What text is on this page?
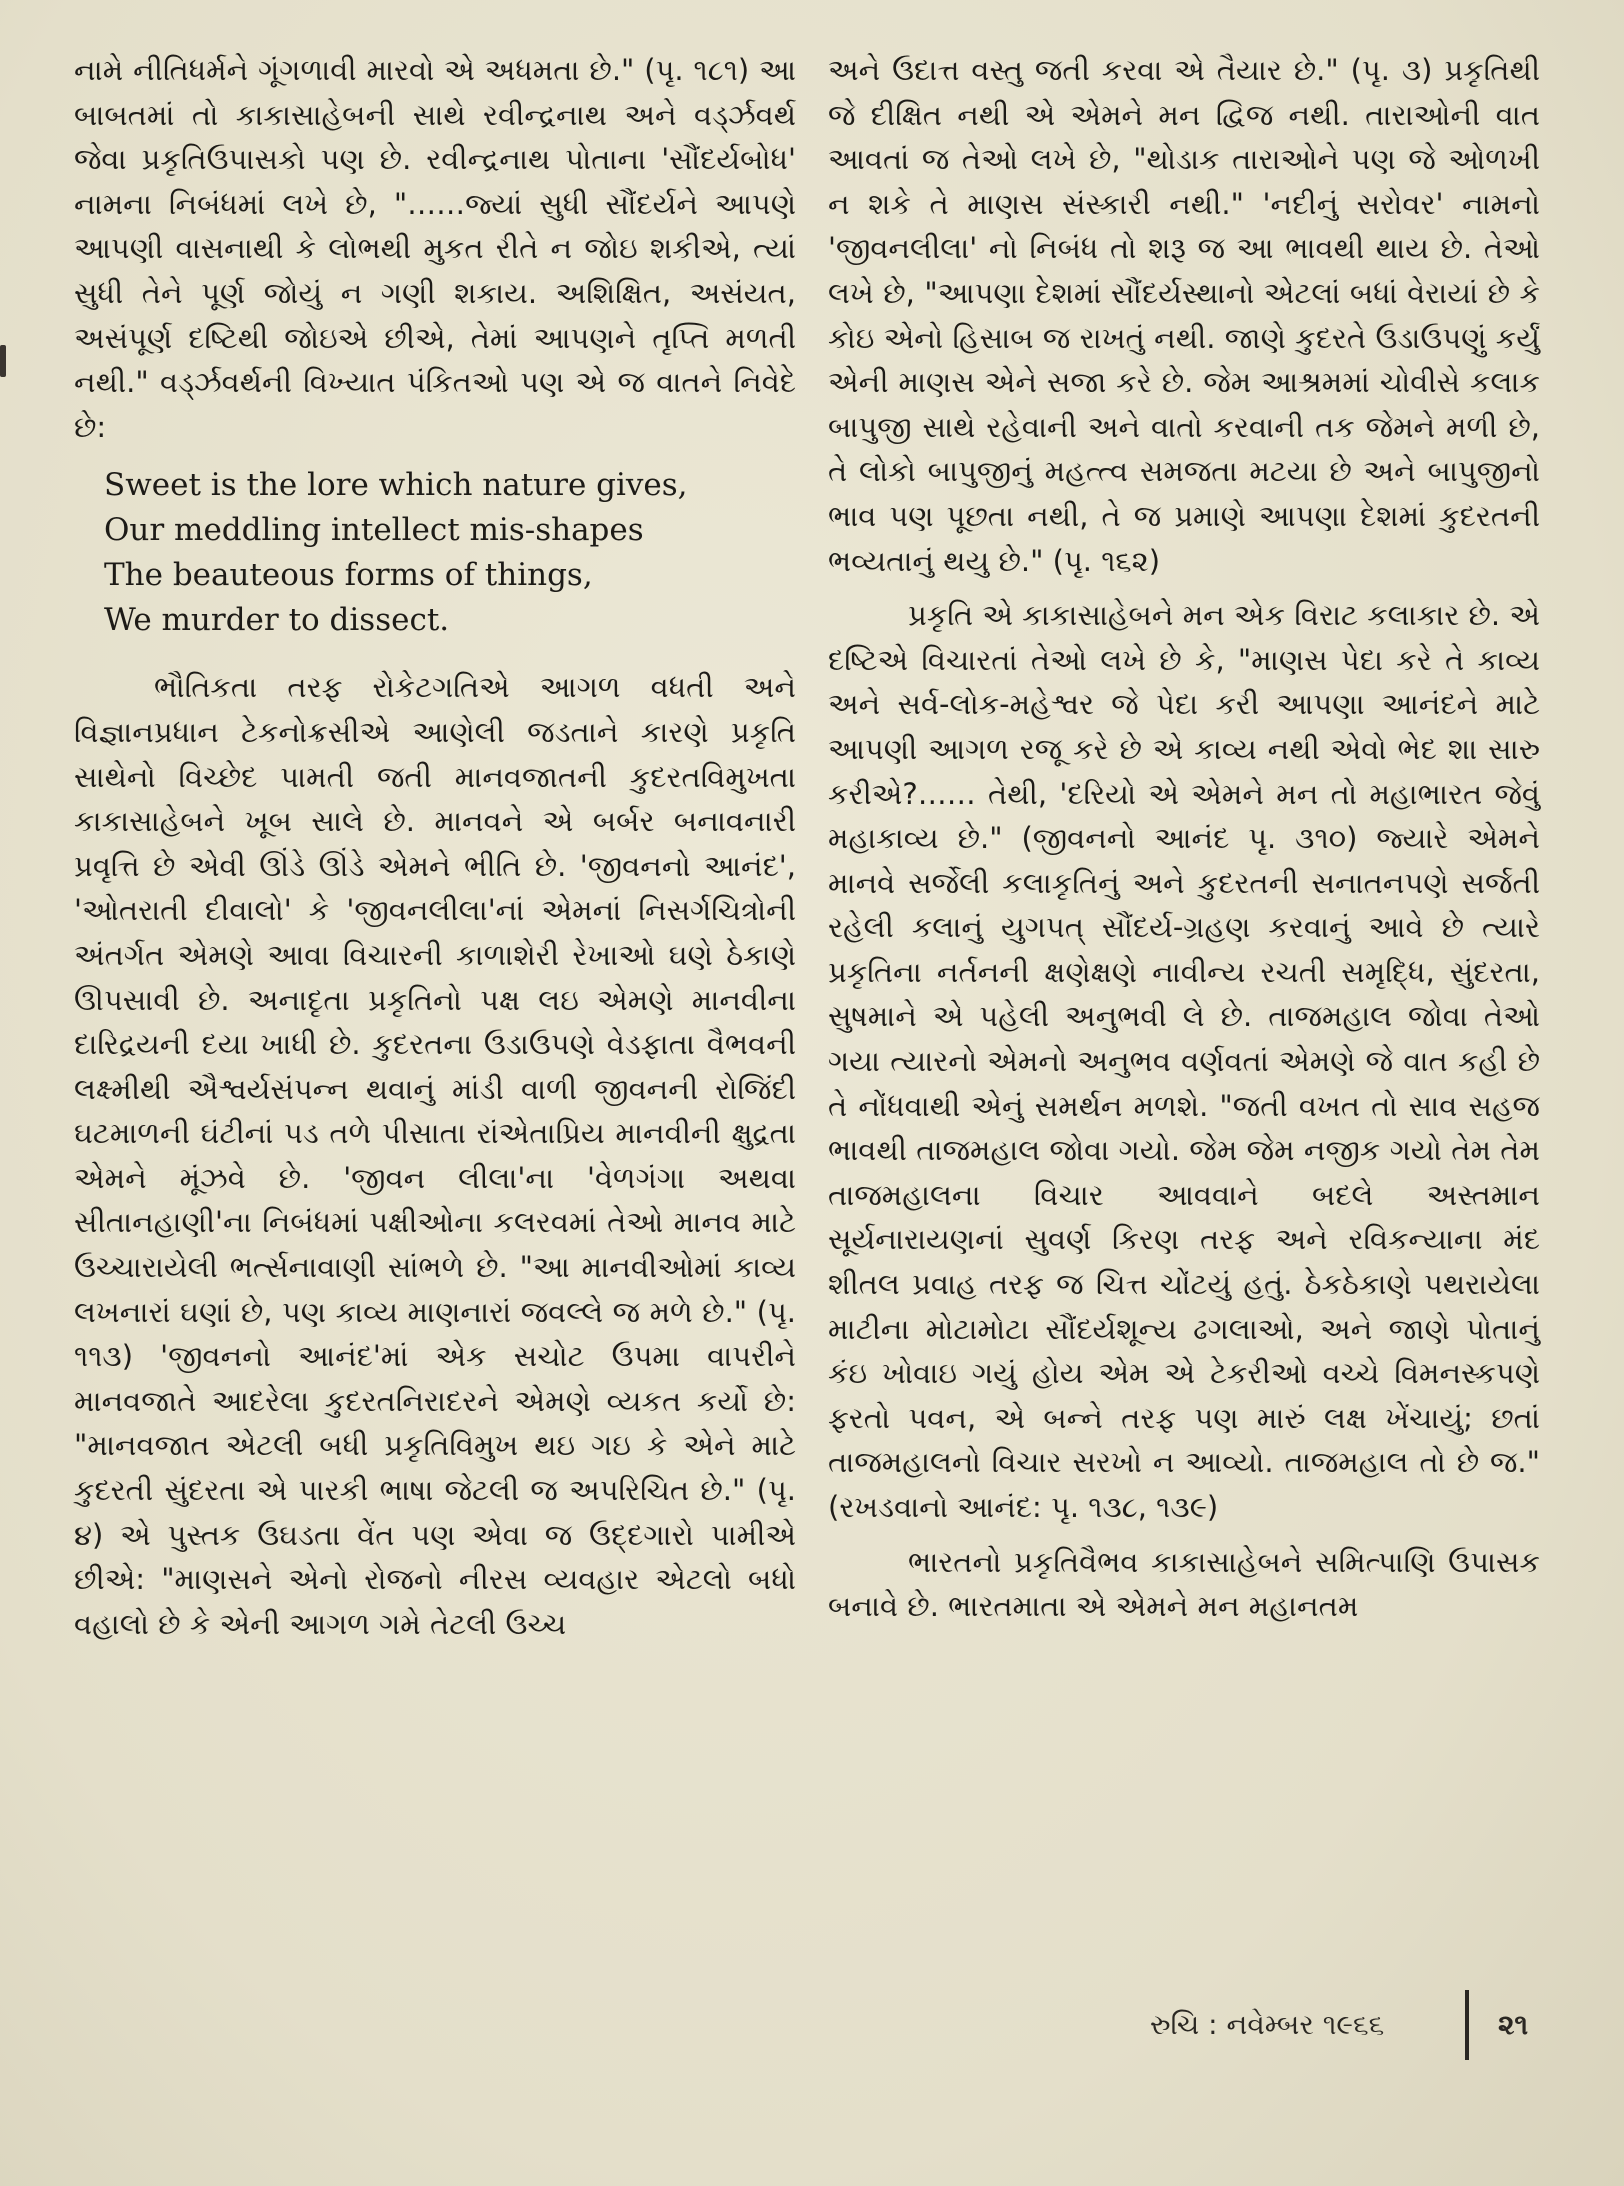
નામે નીતિધર્મને ગૂંગળાવી મારવો એ અધમતા છે." (પૃ. ૧૮૧) આ બાબતમાં તો કાકાસાહેબની સાથે રવીન્દ્રનાથ અને વર્ડ્ઝવર્થ જેવા પ્રકૃતિઉપાસકો પણ છે. રવીન્દ્રનાથ પોતાના 'સૌંદર્યબોધ' નામના નિબંધમાં લખે છે, "……જ્યાં સુધી સૌંદર્યને આપણે આપણી વાસનાથી કે લોભથી મુકત રીતે ન જોઇ શકીએ, ત્યાં સુધી તેને પૂર્ણ જોયું ન ગણી શકાય. અશિક્ષિત, અસંયત, અસંપૂર્ણ દષ્ટિથી જોઇએ છીએ, તેમાં આપણને તૃપ્તિ મળતી નથી." વર્ડ્ઝવર્થની વિખ્યાત પંકિતઓ પણ એ જ વાતને નિવેદે છે:

Sweet is the lore which nature gives,
Our meddling intellect mis-shapes
The beauteous forms of things,
We murder to dissect.

ભૌતિકતા તરફ રોકેટગતિએ આગળ વધતી અને વિજ્ઞાનપ્રધાન ટેકનોક્રસીએ આણેલી જડતાને કારણે પ્રકૃતિ સાથેનો વિચ્છેદ પામતી જતી માનવજાતની કુદરતવિમુખતા કાકાસાહેબને ખૂબ સાલે છે. માનવને એ બર્બર બનાવનારી પ્રવૃત્તિ છે એવી ઊંડે ઊંડે એમને ભીતિ છે. 'જીવનનો આનંદ', 'ઓતરાતી દીવાલો' કે 'જીવનલીલા'નાં એમનાં નિસર્ગચિત્રોની અંતર્ગત એમણે આવા વિચારની કાળાશેરી રેખાઓ ઘણે ઠેકાણે ઊપસાવી છે. અનાદૃતા પ્રકૃતિનો પક્ષ લઇ એમણે માનવીના દારિદ્રયની દયા ખાધી છે. કુદરતના ઉડાઉપણે વેડફાતા વૈભવની લક્ષ્મીથી ઐશ્વર્યસંપન્ન થવાનું માંડી વાળી જીવનની રોજિંદી ઘટમાળની ઘંટીનાં પડ તળે પીસાતા રાંએતાપ્રિય માનવીની ક્ષુદ્રતા એમને મૂંઝવે છે. 'જીવન લીલા'ના 'વેળગંગા અથવા સીતાનહાણી'ના નિબંધમાં પક્ષીઓના કલરવમાં તેઓ માનવ માટે ઉચ્ચારાયેલી ભર્ત્સનાવાણી સાંભળે છે. "આ માનવીઓમાં કાવ્ય લખનારાં ઘણાં છે, પણ કાવ્ય માણનારાં જવલ્લે જ મળે છે." (પૃ. ૧૧૩) 'જીવનનો આનંદ'માં એક સચોટ ઉપમા વાપરીને માનવજાતે આદરેલા કુદરતનિરાદરને એમણે વ્યકત કર્યો છે: "માનવજાત એટલી બધી પ્રકૃતિવિમુખ થઇ ગઇ કે એને માટે કુદરતી સુંદરતા એ પારકી ભાષા જેટલી જ અપરિચિત છે." (પૃ. ૪) એ પુસ્તક ઉઘડતા વેંત પણ એવા જ ઉદ્દગારો પામીએ છીએ: "માણસને એનો રોજનો નીરસ વ્યવહાર એટલો બધો વહાલો છે કે એની આગળ ગમે તેટલી ઉચ્ચ

અને ઉદાત્ત વસ્તુ જતી કરવા એ તૈયાર છે." (પૃ. ૩) પ્રકૃતિથી જે દીક્ષિત નથી એ એમને મન દ્વિજ નથી. તારાઓની વાત આવતાં જ તેઓ લખે છે, "થોડાક તારાઓને પણ જે ઓળખી ન શકે તે માણસ સંસ્કારી નથી." 'નદીનું સરોવર' નામનો 'જીવનલીલા' નો નિબંધ તો શરૂ જ આ ભાવથી થાય છે. તેઓ લખે છે, "આપણા દેશમાં સૌંદર્યસ્થાનો એટલાં બધાં વેરાયાં છે કે કોઇ એનો હિસાબ જ રાખતું નથી. જાણે કુદરતે ઉડાઉપણું કર્યું એની માણસ એને સજા કરે છે. જેમ આશ્રમમાં ચોવીસે કલાક બાપુજી સાથે રહેવાની અને વાતો કરવાની તક જેમને મળી છે, તે લોકો બાપુજીનું મહત્ત્વ સમજતા મટયા છે અને બાપુજીનો ભાવ પણ પૂછતા નથી, તે જ પ્રમાણે આપણા દેશમાં કુદરતની ભવ્યતાનું થયુ છે." (પૃ. ૧૬૨)

પ્રકૃતિ એ કાકાસાહેબને મન એક વિરાટ કલાકાર છે. એ દષ્ટિએ વિચારતાં તેઓ લખે છે કે, "માણસ પેદા કરે તે કાવ્ય અને સર્વ-લોક-મહેશ્વર જે પેદા કરી આપણા આનંદને માટે આપણી આગળ રજૂ કરે છે એ કાવ્ય નથી એવો ભેદ શા સારુ કરીએ?…… તેથી, 'દરિયો એ એમને મન તો મહાભારત જેવું મહાકાવ્ય છે." (જીવનનો આનંદ પૃ. ૩૧૦) જ્યારે એમને માનવે સર્જેલી કલાકૃતિનું અને કુદરતની સનાતનપણે સર્જતી રહેલી કલાનું યુગપત્ સૌંદર્ય-ગ્રહણ કરવાનું આવે છે ત્યારે પ્રકૃતિના નર્તનની ક્ષણેક્ષણે નાવીન્ય રચતી સમૃદ્ધિ, સુંદરતા, સુષમાને એ પહેલી અનુભવી લે છે. તાજમહાલ જોવા તેઓ ગયા ત્યારનો એમનો અનુભવ વર્ણવતાં એમણે જે વાત કહી છે તે નોંધવાથી એનું સમર્થન મળશે. "જતી વખત તો સાવ સહજ ભાવથી તાજમહાલ જોવા ગયો. જેમ જેમ નજીક ગયો તેમ તેમ તાજમહાલના વિચાર આવવાને બદલે અસ્તમાન સૂર્યનારાયણનાં સુવર્ણ કિરણ તરફ અને રવિકન્યાના મંદ શીતલ પ્રવાહ તરફ જ ચિત્ત ચોંટયું હતું. ઠેકઠેકાણે પથરાયેલા માટીના મોટામોટા સૌંદર્યશૂન્ય ઢગલાઓ, અને જાણે પોતાનું કંઇ ખોવાઇ ગયું હોય એમ એ ટેકરીઓ વચ્ચે વિમનસ્કપણે ફરતો પવન, એ બન્ને તરફ પણ મારું લક્ષ ખેંચાયું; છતાં તાજમહાલનો વિચાર સરખો ન આવ્યો. તાજમહાલ તો છે જ." (રખડવાનો આનંદ: પૃ. ૧૩૮, ૧૩૯)

ભારતનો પ્રકૃતિવૈભવ કાકાસાહેબને સમિત્પાણિ ઉપાસક બનાવે છે. ભારતમાતા એ એમને મન મહાનતમ

રુચિ : નવેમ્બર ૧૯૬૬	૨૧
